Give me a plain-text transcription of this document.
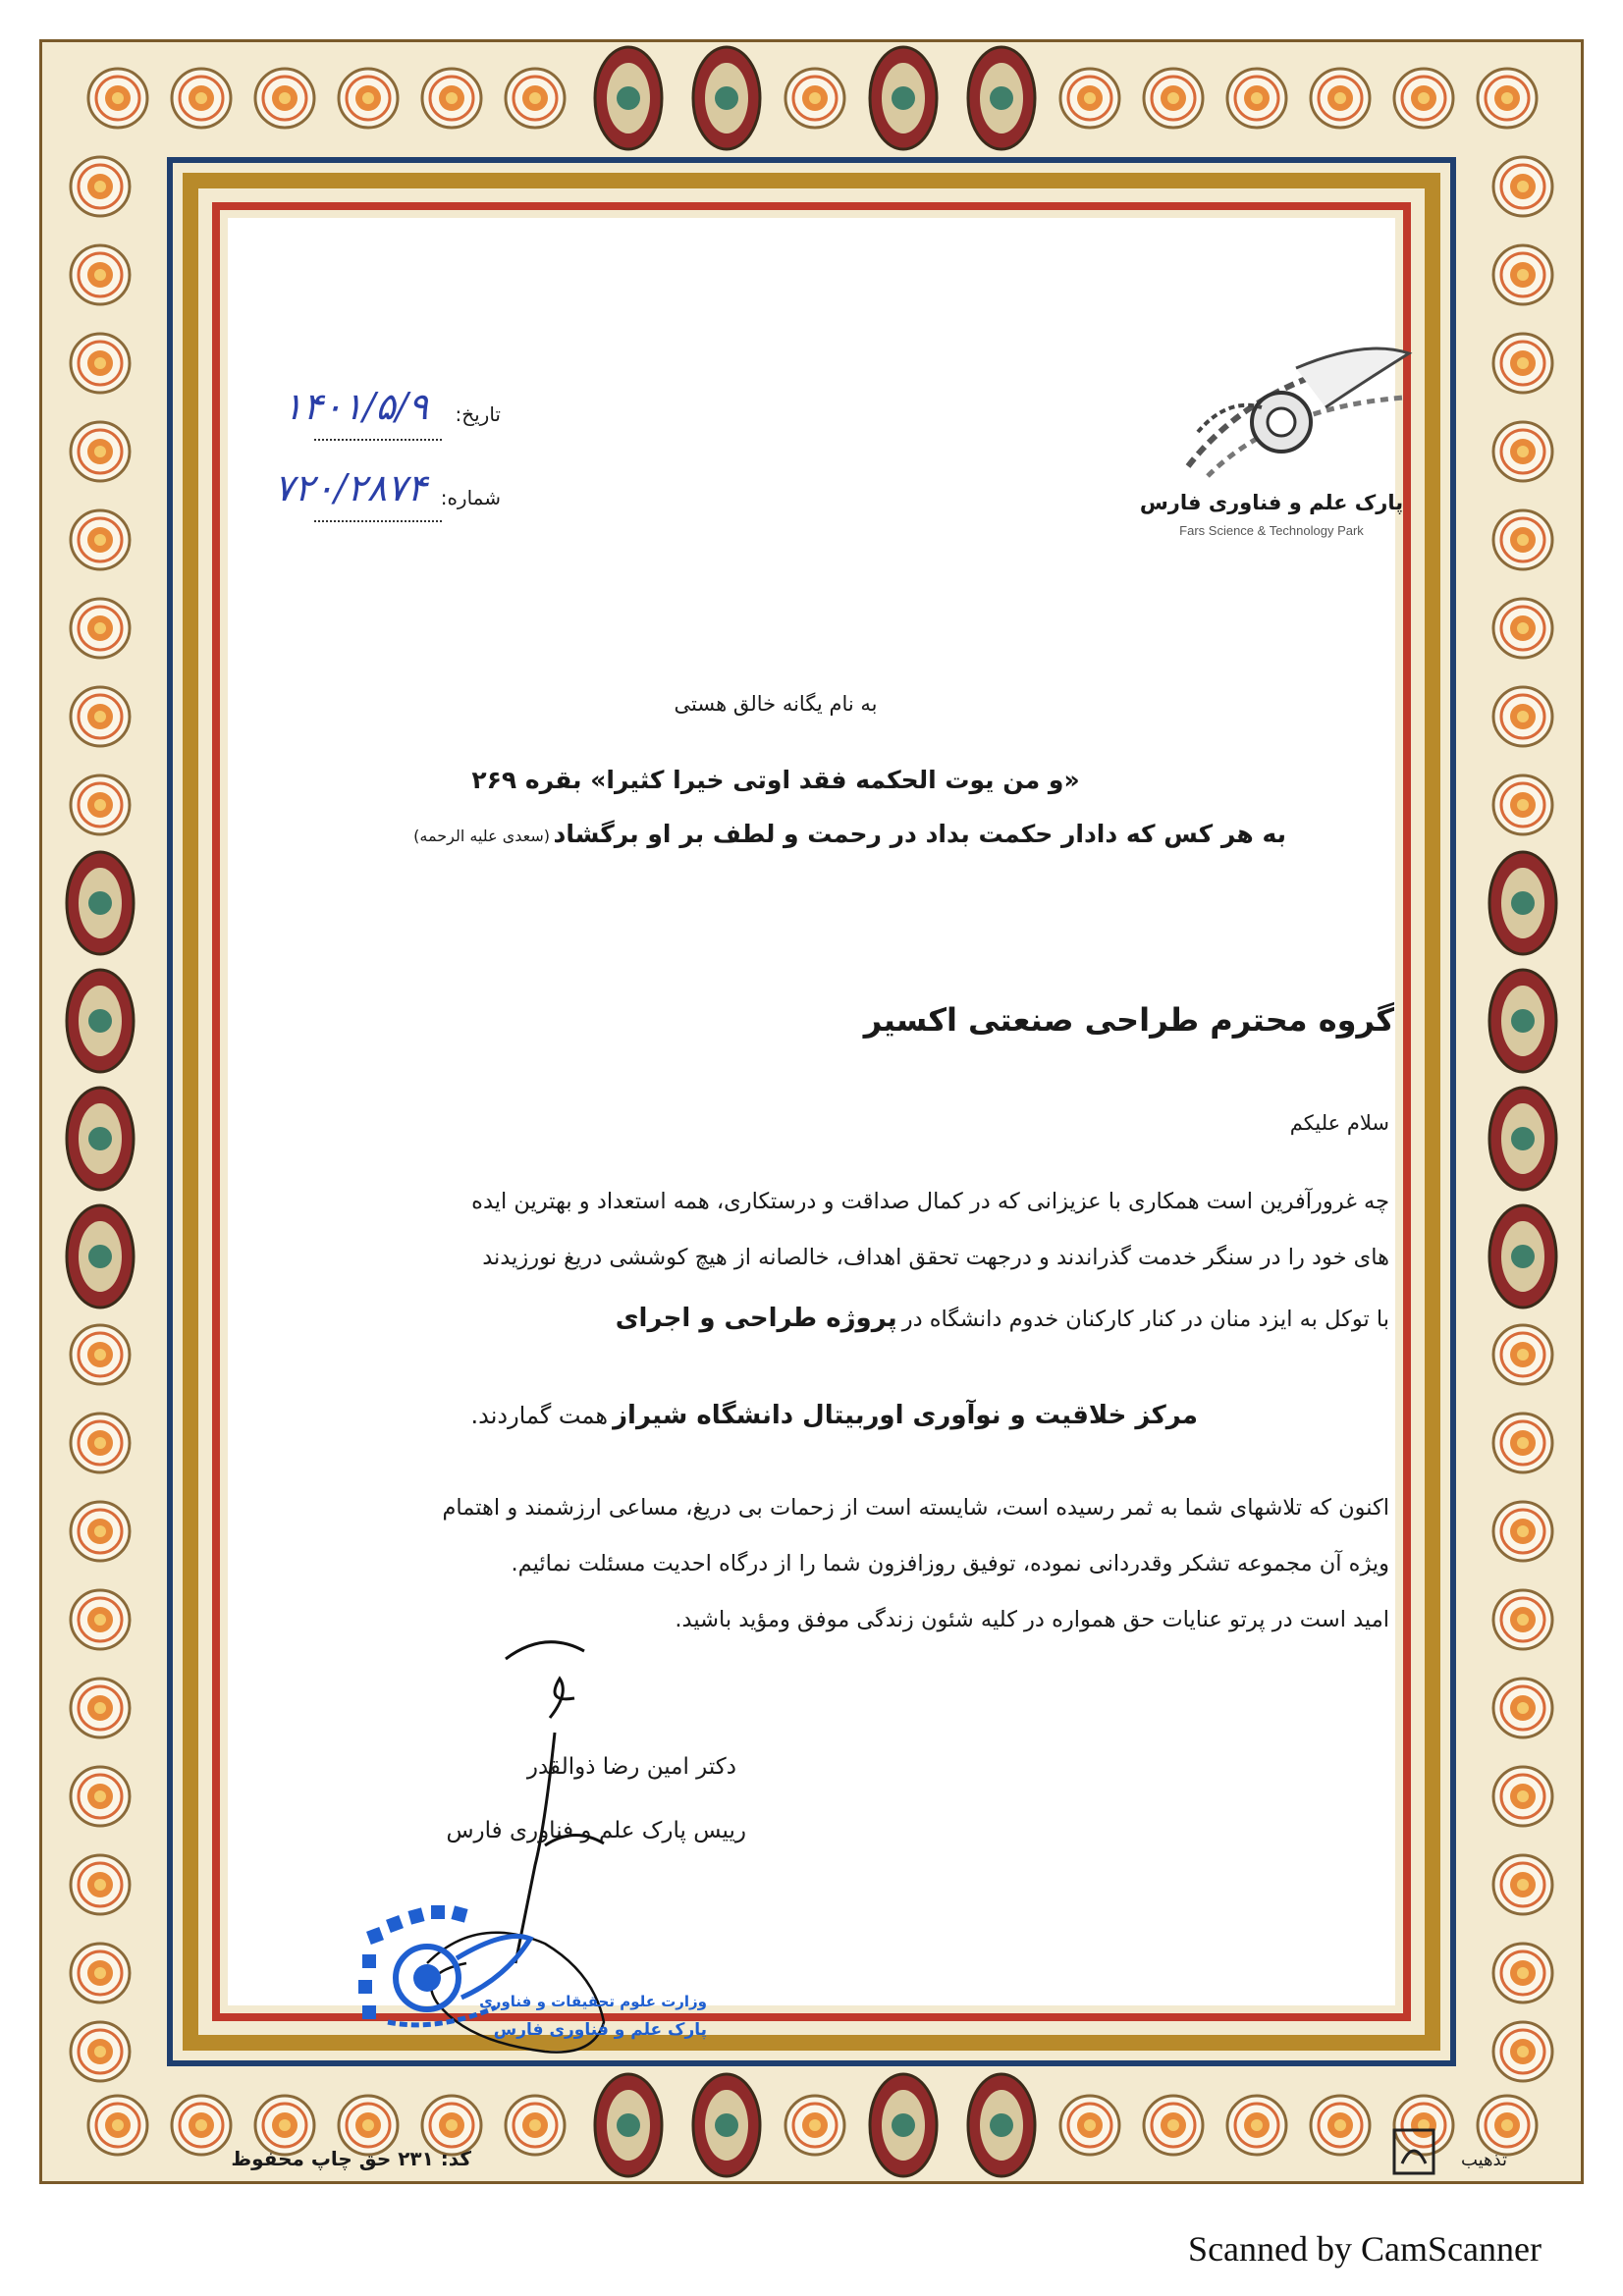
پارک علم و فناوری فارس
Fars Science & Technology Park
تاریخ:
۱۴۰۱/۵/۹
شماره:
۷۲۰/۲۸۷۴
به نام یگانه خالق هستی
«و من یوت الحکمه فقد اوتی خیرا کثیرا» بقره ۲۶۹
به هر کس که دادار حکمت بداد در رحمت و لطف بر او برگشاد
(سعدی علیه الرحمه)
گروه محترم طراحی صنعتی اکسیر
سلام علیکم
چه غرورآفرین است همکاری با عزیزانی که در کمال صداقت و درستکاری، همه استعداد و بهترین ایده
های خود را در سنگر خدمت گذراندند و درجهت تحقق اهداف، خالصانه از هیچ کوششی دریغ نورزیدند
با توکل به ایزد منان در کنار کارکنان خدوم دانشگاه در پروژه طراحی و اجرای
مرکز خلاقیت و نوآوری اوربیتال دانشگاه شیراز همت گماردند.
اکنون که تلاشهای شما به ثمر رسیده است، شایسته است از زحمات بی دریغ، مساعی ارزشمند و اهتمام
ویژه آن مجموعه تشکر وقدردانی نموده، توفیق روزافزون شما را از درگاه احدیت مسئلت نمائیم.
امید است در پرتو عنایات حق همواره در کلیه شئون زندگی موفق ومؤید باشید.
دکتر امین رضا ذوالقدر
رییس پارک علم و فناوری فارس
وزارت علوم تحقیقات و فناوری
پارک علم و فناوری فارس
کد: ۲۳۱ حق چاپ محفوظ	تذهیب
Scanned by CamScanner
